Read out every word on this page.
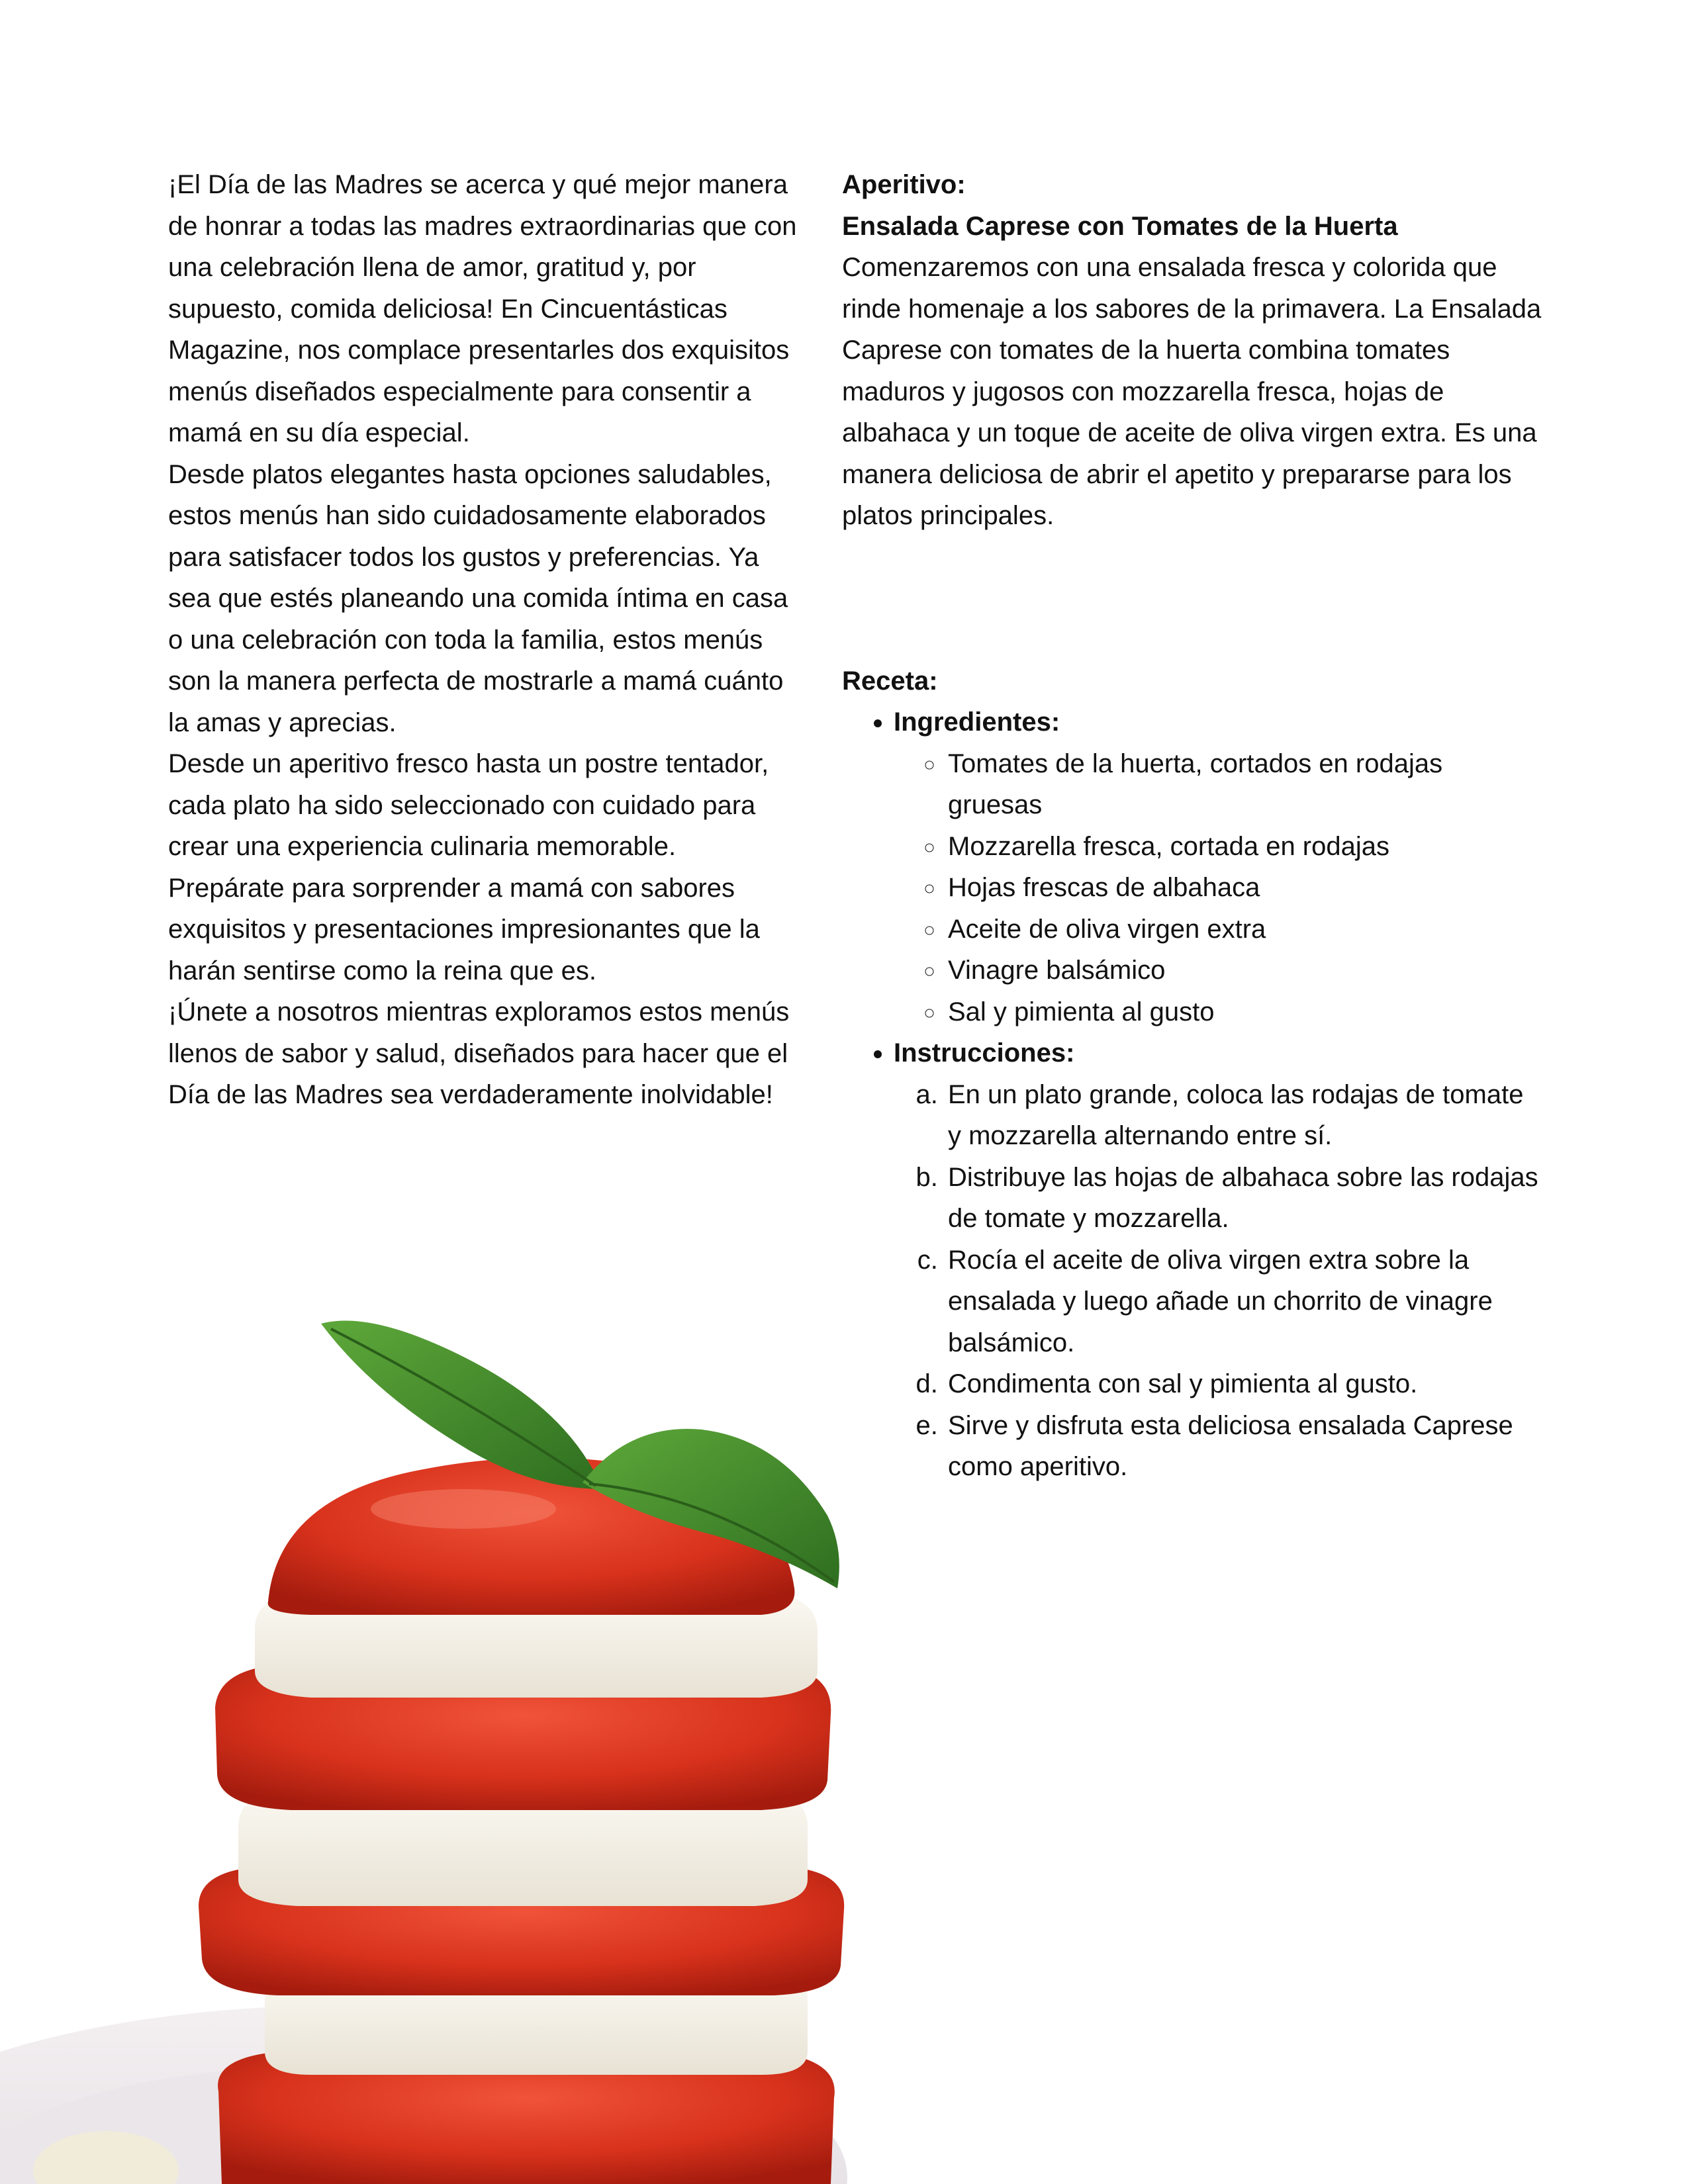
¡El Día de las Madres se acerca y qué mejor manera de honrar a todas las madres extraordinarias que con una celebración llena de amor, gratitud y, por supuesto, comida deliciosa! En Cincuentásticas Magazine, nos complace presentarles dos exquisitos menús diseñados especialmente para consentir a mamá en su día especial.

Desde platos elegantes hasta opciones saludables, estos menús han sido cuidadosamente elaborados para satisfacer todos los gustos y preferencias. Ya sea que estés planeando una comida íntima en casa o una celebración con toda la familia, estos menús son la manera perfecta de mostrarle a mamá cuánto la amas y aprecias.

Desde un aperitivo fresco hasta un postre tentador, cada plato ha sido seleccionado con cuidado para crear una experiencia culinaria memorable. Prepárate para sorprender a mamá con sabores exquisitos y presentaciones impresionantes que la harán sentirse como la reina que es.

¡Únete a nosotros mientras exploramos estos menús llenos de sabor y salud, diseñados para hacer que el Día de las Madres sea verdaderamente inolvidable!

Aperitivo:

Ensalada Caprese con Tomates de la Huerta

Comenzaremos con una ensalada fresca y colorida que rinde homenaje a los sabores de la primavera. La Ensalada Caprese con tomates de la huerta combina tomates maduros y jugosos con mozzarella fresca, hojas de albahaca y un toque de aceite de oliva virgen extra. Es una manera deliciosa de abrir el apetito y prepararse para los platos principales.

Receta:

• Ingredientes:
◦ Tomates de la huerta, cortados en rodajas gruesas
◦ Mozzarella fresca, cortada en rodajas
◦ Hojas frescas de albahaca
◦ Aceite de oliva virgen extra
◦ Vinagre balsámico
◦ Sal y pimienta al gusto
• Instrucciones:
a. En un plato grande, coloca las rodajas de tomate y mozzarella alternando entre sí.
b. Distribuye las hojas de albahaca sobre las rodajas de tomate y mozzarella.
c. Rocía el aceite de oliva virgen extra sobre la ensalada y luego añade un chorrito de vinagre balsámico.
d. Condimenta con sal y pimienta al gusto.
e. Sirve y disfruta esta deliciosa ensalada Caprese como aperitivo.
